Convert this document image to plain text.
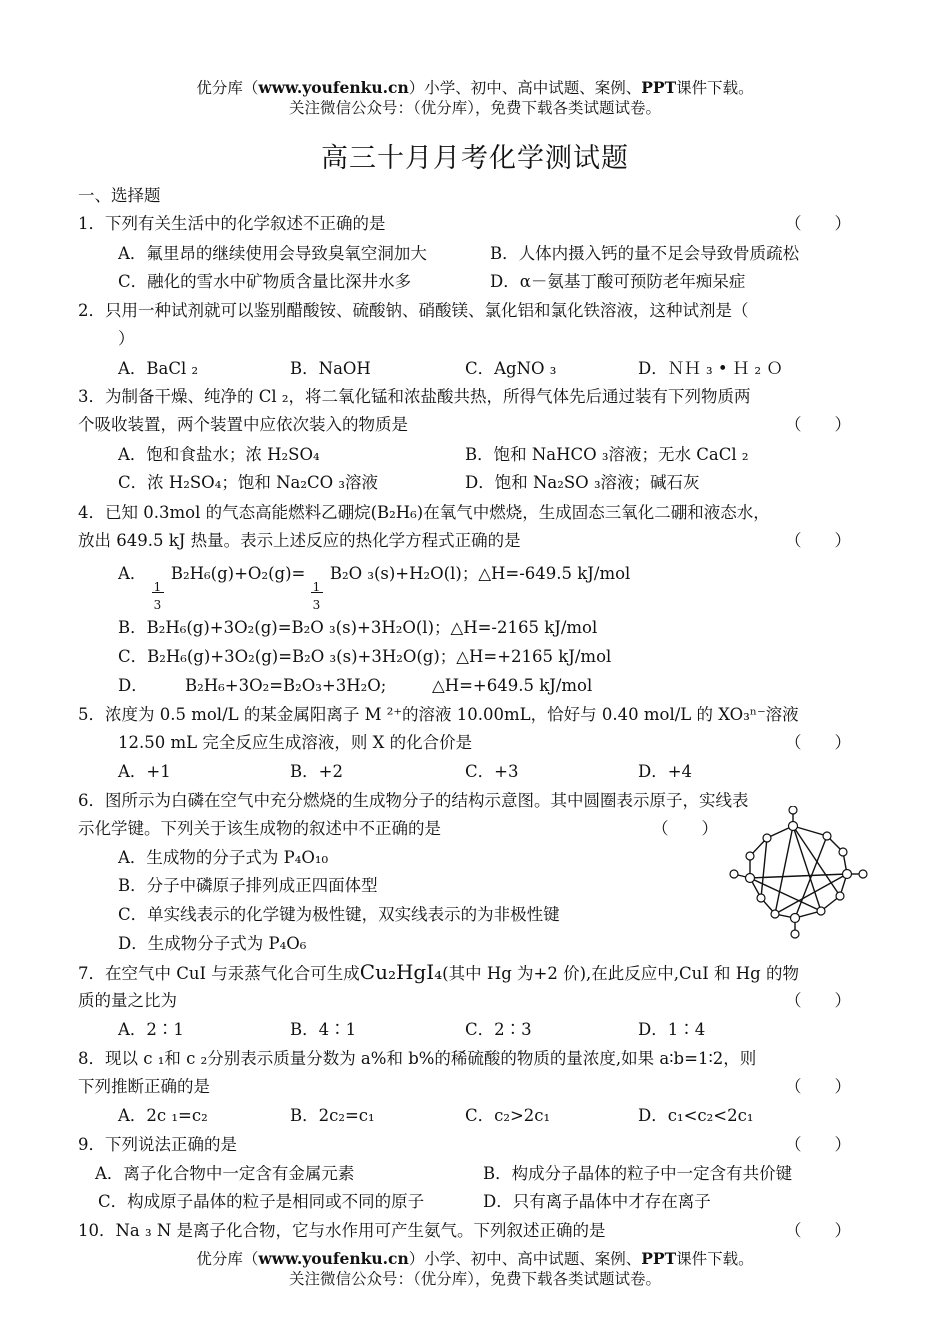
优分库（www.youfenku.cn）小学、初中、高中试题、案例、PPT课件下载。
关注微信公众号：（优分库），免费下载各类试题试卷。
高三十月月考化学测试题
一、选择题
1．下列有关生活中的化学叙述不正确的是	（　　）
A．氟里昂的继续使用会导致臭氧空洞加大	B．人体内摄入钙的量不足会导致骨质疏松
C．融化的雪水中矿物质含量比深井水多	D．α－氨基丁酸可预防老年痴呆症
2．只用一种试剂就可以鉴别醋酸铵、硫酸钠、硝酸镁、氯化铝和氯化铁溶液，这种试剂是（
）
A．BaCl ₂	B．NaOH	C．AgNO ₃	D．ＮＨ ₃ • Ｈ ₂ Ｏ
3．为制备干燥、纯净的 Cl ₂，将二氧化锰和浓盐酸共热，所得气体先后通过装有下列物质两
个吸收装置，两个装置中应依次装入的物质是	（　　）
A．饱和食盐水；浓 H₂SO₄	B．饱和 NaHCO ₃溶液；无水 CaCl ₂
C．浓 H₂SO₄；饱和 Na₂CO ₃溶液	D．饱和 Na₂SO ₃溶液；碱石灰
4．已知 0.3mol 的气态高能燃料乙硼烷(B₂H₆)在氧气中燃烧，生成固态三氧化二硼和液态水，
放出 649.5 kJ 热量。表示上述反应的热化学方程式正确的是	（　　）
A．
$\frac{1}{3}$
B₂H₆(g)+O₂(g)=
$\frac{1}{3}$
B₂O ₃(s)+H₂O(l)；△H=-649.5 kJ/mol
B．B₂H₆(g)+3O₂(g)=B₂O ₃(s)+3H₂O(l)；△H=-2165 kJ/mol
C．B₂H₆(g)+3O₂(g)=B₂O ₃(s)+3H₂O(g)；△H=+2165 kJ/mol
D． B₂H₆+3O₂=B₂O₃+3H₂O;	△H=+649.5 kJ/mol
5．浓度为 0.5 mol/L 的某金属阳离子 M ²⁺的溶液 10.00mL，恰好与 0.40 mol/L 的 XO₃ⁿ⁻溶液
12.50 mL 完全反应生成溶液，则 X 的化合价是	（　　）
A．+1	B．+2	C．+3	D．+4
6．图所示为白磷在空气中充分燃烧的生成物分子的结构示意图。其中圆圈表示原子，实线表
示化学键。下列关于该生成物的叙述中不正确的是	（　　）
A．生成物的分子式为 P₄O₁₀
B．分子中磷原子排列成正四面体型
C．单实线表示的化学键为极性键，双实线表示的为非极性键
D．生成物分子式为 P₄O₆
7．在空气中 CuI 与汞蒸气化合可生成Cu₂HgI₄(其中 Hg 为+2 价),在此反应中,CuI 和 Hg 的物
质的量之比为	（　　）
A．2∶1	B．4∶1	C．2∶3	D．1∶4
8．现以 c ₁和 c ₂分别表示质量分数为 a%和 b%的稀硫酸的物质的量浓度,如果 a∶b=1∶2，则
下列推断正确的是	（　　）
A．2c ₁=c₂	B．2c₂=c₁	C．c₂>2c₁	D．c₁<c₂<2c₁
9．下列说法正确的是	（　　）
A．离子化合物中一定含有金属元素	B．构成分子晶体的粒子中一定含有共价键
C．构成原子晶体的粒子是相同或不同的原子	D．只有离子晶体中才存在离子
10．Na ₃ N 是离子化合物，它与水作用可产生氨气。下列叙述正确的是	（　　）
优分库（www.youfenku.cn）小学、初中、高中试题、案例、PPT课件下载。
关注微信公众号：（优分库），免费下载各类试题试卷。
